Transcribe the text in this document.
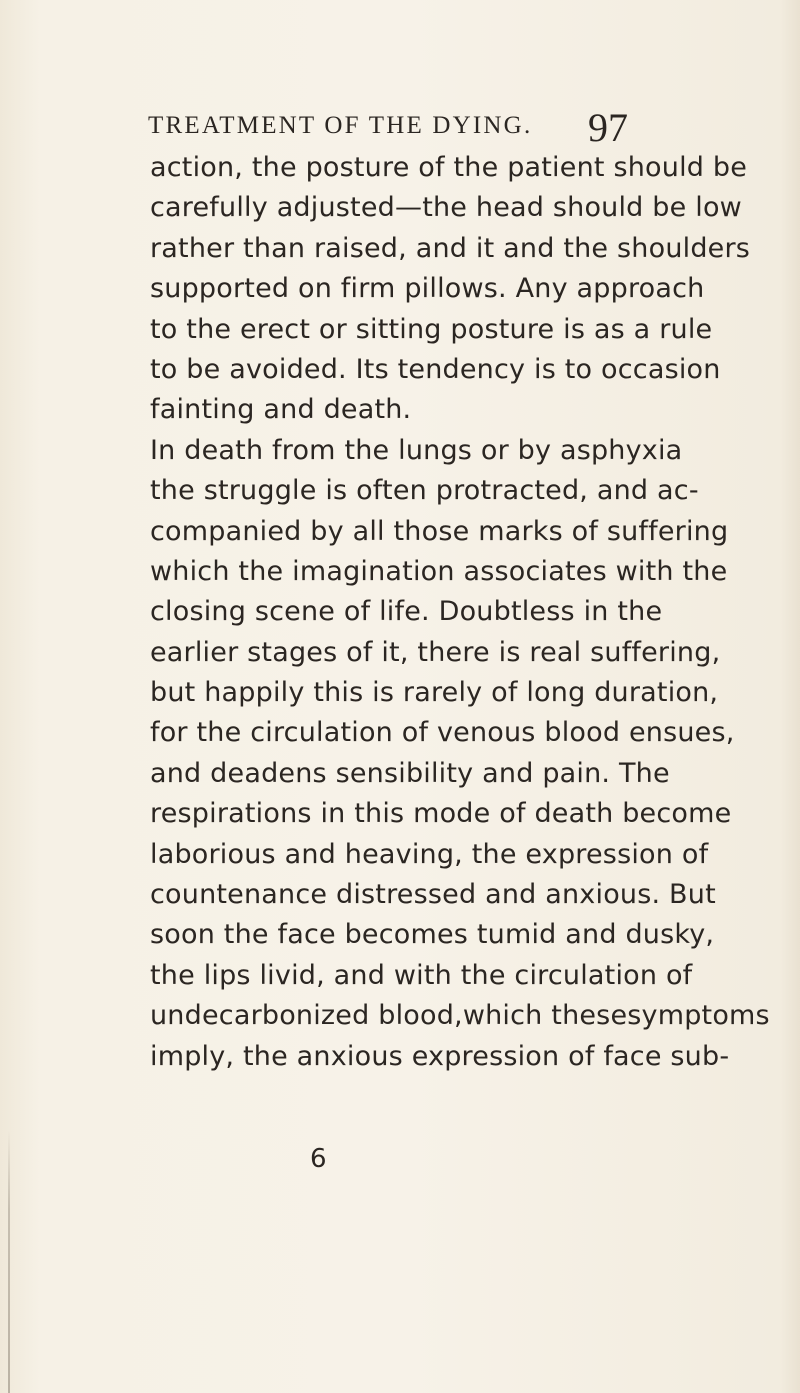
TREATMENT OF THE DYING. 97
action, the posture of the patient should be
carefully adjusted—the head should be low
rather than raised, and it and the shoulders
supported on firm pillows. Any approach
to the erect or sitting posture is as a rule
to be avoided. Its tendency is to occasion
fainting and death.
In death from the lungs or by asphyxia
the struggle is often protracted, and ac-
companied by all those marks of suffering
which the imagination associates with the
closing scene of life. Doubtless in the
earlier stages of it, there is real suffering,
but happily this is rarely of long duration,
for the circulation of venous blood ensues,
and deadens sensibility and pain. The
respirations in this mode of death become
laborious and heaving, the expression of
countenance distressed and anxious. But
soon the face becomes tumid and dusky,
the lips livid, and with the circulation of
undecarbonized blood,which thesesymptoms
imply, the anxious expression of face sub-
6
